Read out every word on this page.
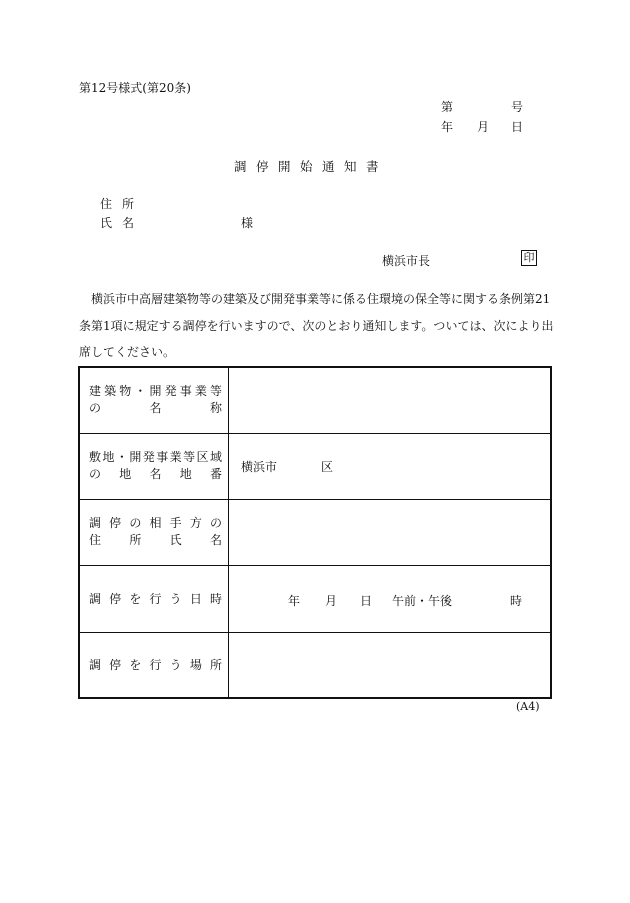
第12号様式(第20条)
第	号
年 月 日
調停開始通知書
住所
氏名	様
横浜市長	印
横浜市中高層建築物等の建築及び開発事業等に係る住環境の保全等に関する条例第21条第1項に規定する調停を行いますので、次のとおり通知します。ついては、次により出席してください。
建築物・開発事業等
の名称	

敷地・開発事業等区域
の地名地番	横浜市 区

調停の相手方の
住所氏名	

調停を行う日時	年 月 日 午前・午後 時

調停を行う場所	

(A4)
